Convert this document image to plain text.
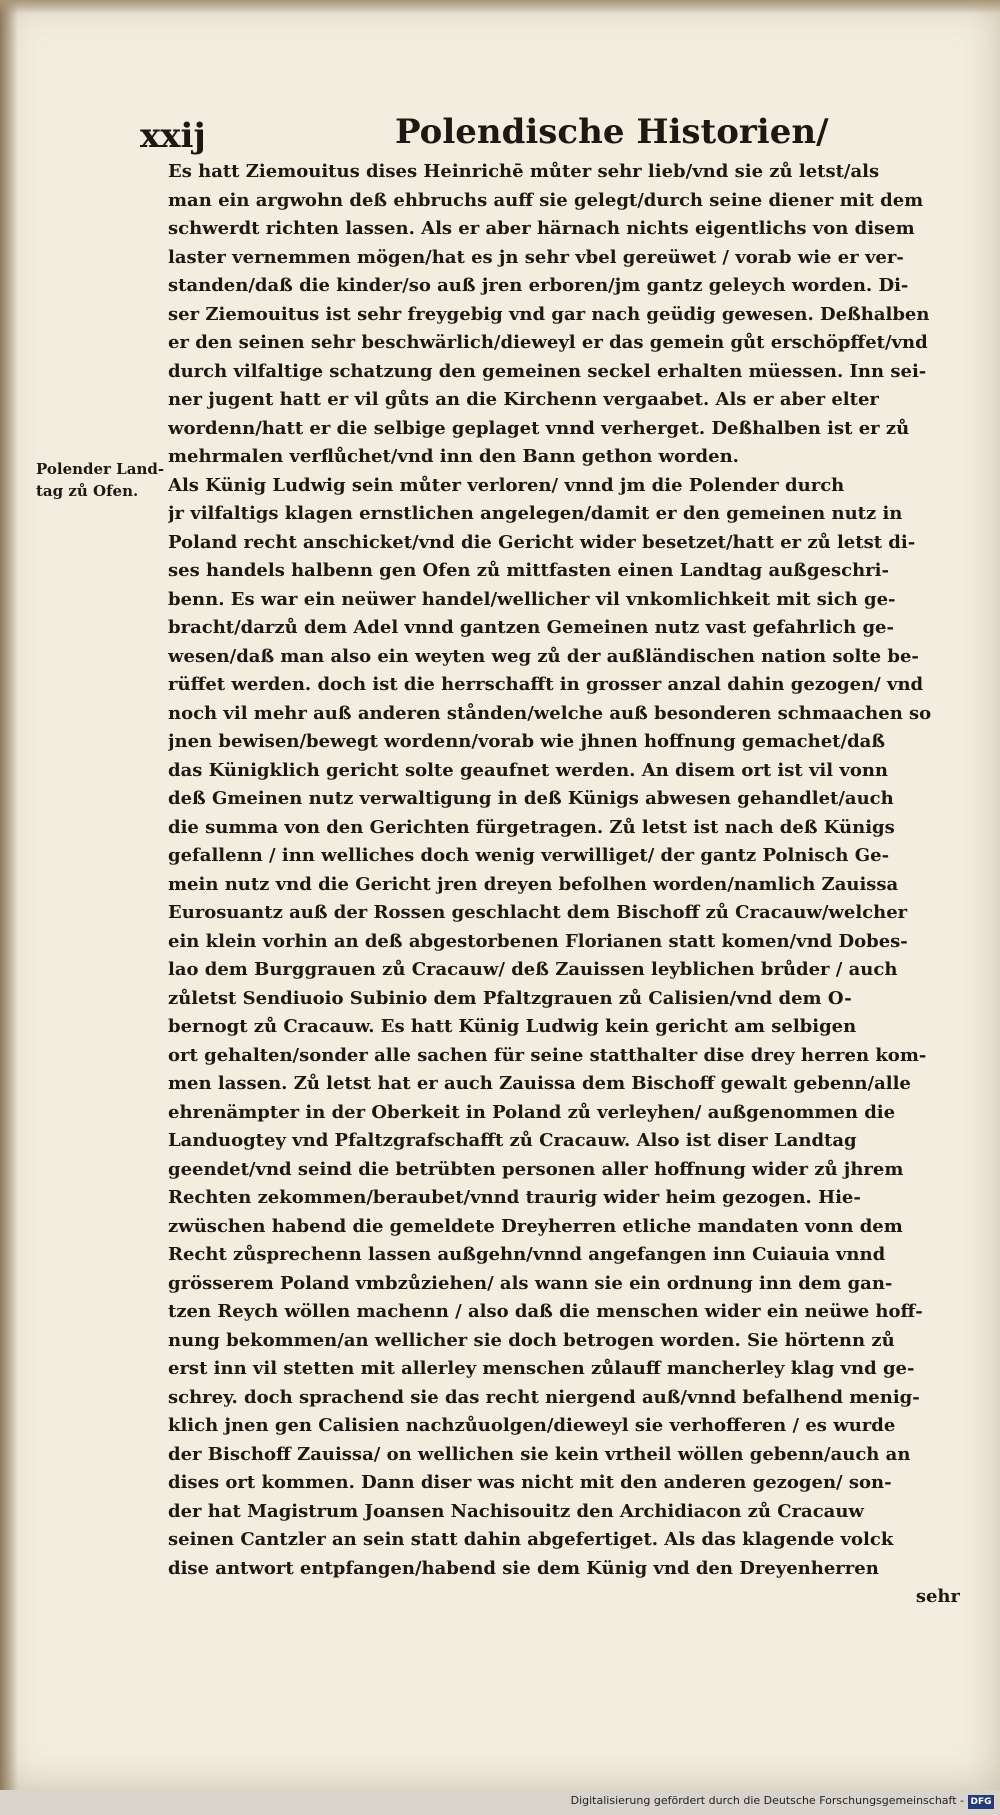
xxij	Polendische Historien/
Polender Land-
tag zů Ofen.
Es hatt Ziemouitus dises Heinrichē můter sehr lieb/vnd sie zů letst/als
man ein argwohn deß ehbruchs auff sie gelegt/durch seine diener mit dem
schwerdt richten lassen. Als er aber härnach nichts eigentlichs von disem
laster vernemmen mögen/hat es jn sehr vbel gereüwet / vorab wie er ver-
standen/daß die kinder/so auß jren erboren/jm gantz geleych worden. Di-
ser Ziemouitus ist sehr freygebig vnd gar nach geüdig gewesen. Deßhalben
er den seinen sehr beschwärlich/dieweyl er das gemein gůt erschöpffet/vnd
durch vilfaltige schatzung den gemeinen seckel erhalten müessen. Inn sei-
ner jugent hatt er vil gůts an die Kirchenn vergaabet. Als er aber elter
wordenn/hatt er die selbige geplaget vnnd verherget. Deßhalben ist er zů
mehrmalen verflůchet/vnd inn den Bann gethon worden.
Als Künig Ludwig sein můter verloren/ vnnd jm die Polender durch
jr vilfaltigs klagen ernstlichen angelegen/damit er den gemeinen nutz in
Poland recht anschicket/vnd die Gericht wider besetzet/hatt er zů letst di-
ses handels halbenn gen Ofen zů mittfasten einen Landtag außgeschri-
benn. Es war ein neüwer handel/wellicher vil vnkomlichkeit mit sich ge-
bracht/darzů dem Adel vnnd gantzen Gemeinen nutz vast gefahrlich ge-
wesen/daß man also ein weyten weg zů der außländischen nation solte be-
rüffet werden. doch ist die herrschafft in grosser anzal dahin gezogen/ vnd
noch vil mehr auß anderen stånden/welche auß besonderen schmaachen so
jnen bewisen/bewegt wordenn/vorab wie jhnen hoffnung gemachet/daß
das Künigklich gericht solte geaufnet werden. An disem ort ist vil vonn
deß Gmeinen nutz verwaltigung in deß Künigs abwesen gehandlet/auch
die summa von den Gerichten fürgetragen. Zů letst ist nach deß Künigs
gefallenn / inn welliches doch wenig verwilliget/ der gantz Polnisch Ge-
mein nutz vnd die Gericht jren dreyen befolhen worden/namlich Zauissa
Eurosuantz auß der Rossen geschlacht dem Bischoff zů Cracauw/welcher
ein klein vorhin an deß abgestorbenen Florianen statt komen/vnd Dobes-
lao dem Burggrauen zů Cracauw/ deß Zauissen leyblichen brůder / auch
zůletst Sendiuoio Subinio dem Pfaltzgrauen zů Calisien/vnd dem O-
bernogt zů Cracauw. Es hatt Künig Ludwig kein gericht am selbigen
ort gehalten/sonder alle sachen für seine statthalter dise drey herren kom-
men lassen. Zů letst hat er auch Zauissa dem Bischoff gewalt gebenn/alle
ehrenämpter in der Oberkeit in Poland zů verleyhen/ außgenommen die
Landuogtey vnd Pfaltzgrafschafft zů Cracauw. Also ist diser Landtag
geendet/vnd seind die betrübten personen aller hoffnung wider zů jhrem
Rechten zekommen/beraubet/vnnd traurig wider heim gezogen. Hie-
zwüschen habend die gemeldete Dreyherren etliche mandaten vonn dem
Recht zůsprechenn lassen außgehn/vnnd angefangen inn Cuiauia vnnd
grösserem Poland vmbzůziehen/ als wann sie ein ordnung inn dem gan-
tzen Reych wöllen machenn / also daß die menschen wider ein neüwe hoff-
nung bekommen/an wellicher sie doch betrogen worden. Sie hörtenn zů
erst inn vil stetten mit allerley menschen zůlauff mancherley klag vnd ge-
schrey. doch sprachend sie das recht niergend auß/vnnd befalhend menig-
klich jnen gen Calisien nachzůuolgen/dieweyl sie verhofferen / es wurde
der Bischoff Zauissa/ on wellichen sie kein vrtheil wöllen gebenn/auch an
dises ort kommen. Dann diser was nicht mit den anderen gezogen/ son-
der hat Magistrum Joansen Nachisouitz den Archidiacon zů Cracauw
seinen Cantzler an sein statt dahin abgefertiget. Als das klagende volck
dise antwort entpfangen/habend sie dem Künig vnd den Dreyenherren
sehr
Digitalisierung gefördert durch die Deutsche Forschungsgemeinschaft - DFG
